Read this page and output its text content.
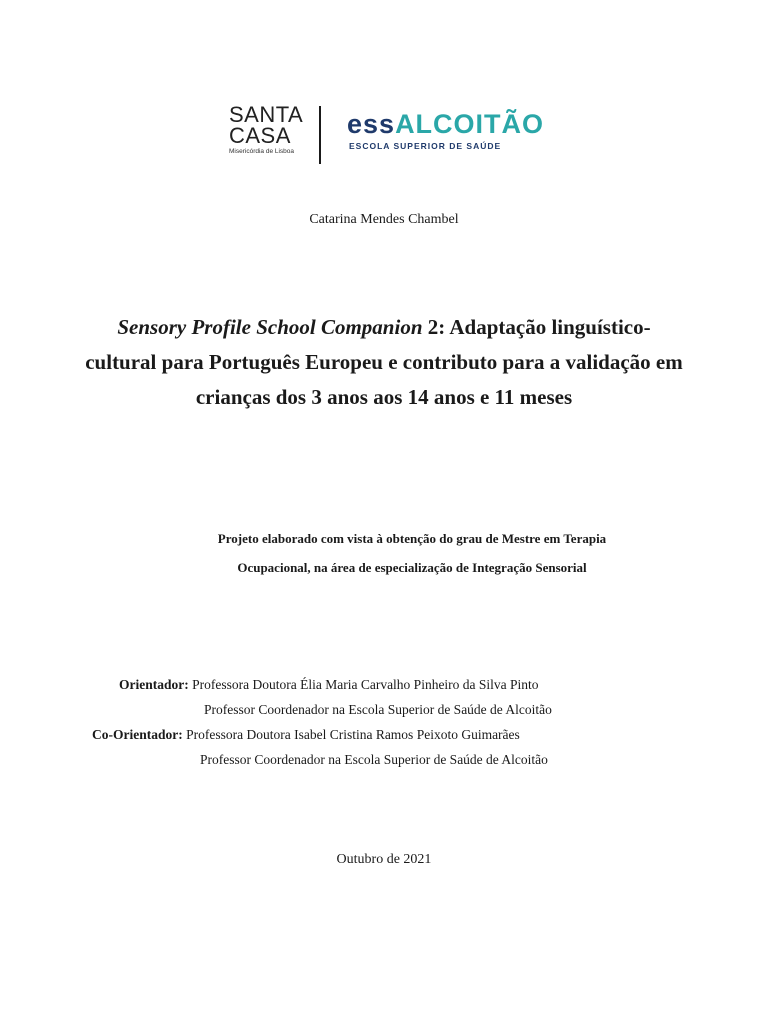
SANTA
CASA
Misericórdia de Lisboa
essALCOITÃO
ESCOLA SUPERIOR DE SAÚDE
Catarina Mendes Chambel
Sensory Profile School Companion 2: Adaptação linguístico-cultural para Português Europeu e contributo para a validação em crianças dos 3 anos aos 14 anos e 11 meses
Projeto elaborado com vista à obtenção do grau de Mestre em Terapia Ocupacional, na área de especialização de Integração Sensorial
Orientador: Professora Doutora Élia Maria Carvalho Pinheiro da Silva Pinto
Professor Coordenador na Escola Superior de Saúde de Alcoitão
Co-Orientador: Professora Doutora Isabel Cristina Ramos Peixoto Guimarães
Professor Coordenador na Escola Superior de Saúde de Alcoitão
Outubro de 2021
